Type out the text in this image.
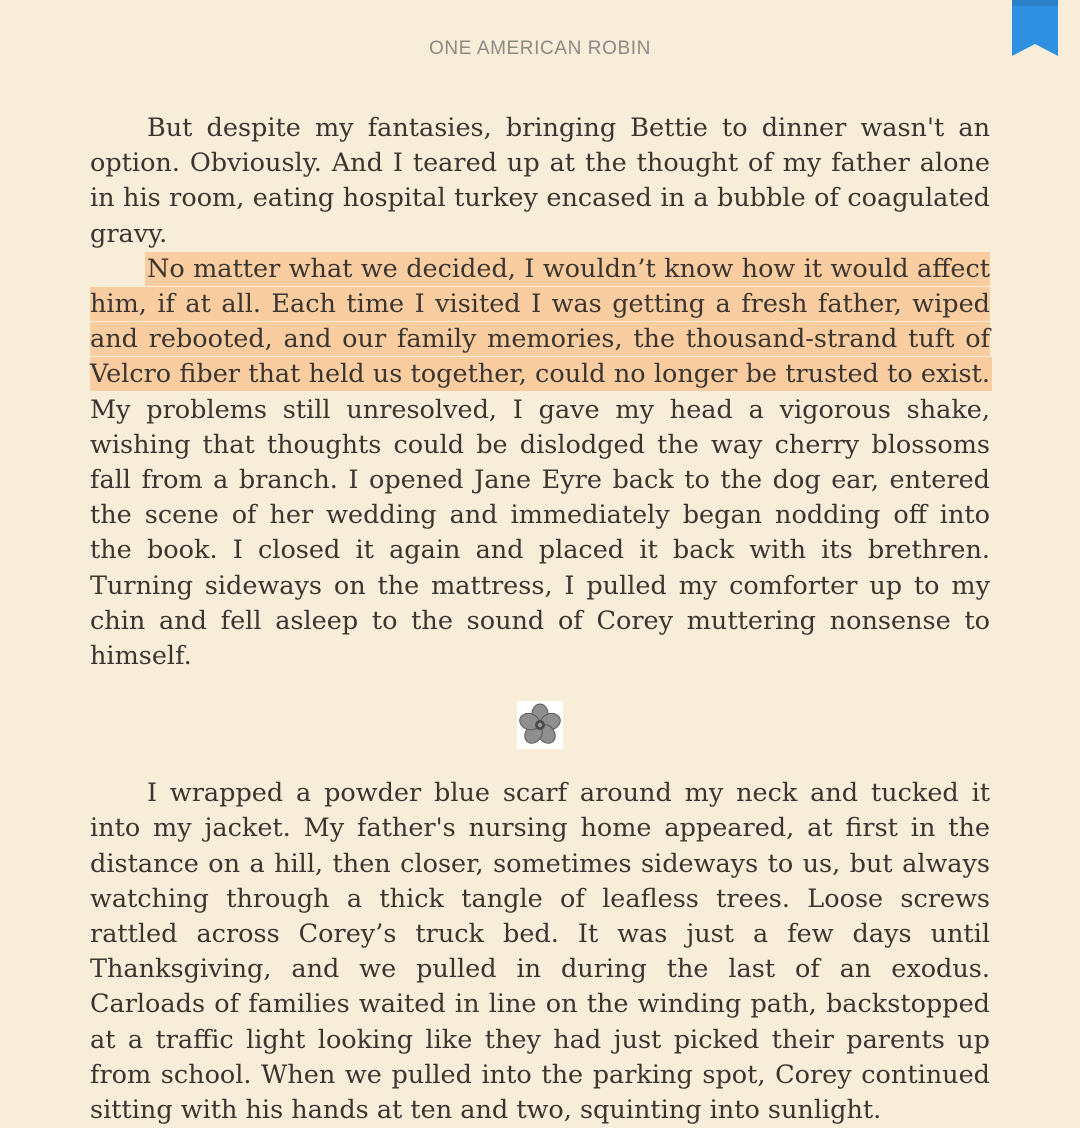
ONE AMERICAN ROBIN

But despite my fantasies, bringing Bettie to dinner wasn't an option. Obviously. And I teared up at the thought of my father alone in his room, eating hospital turkey encased in a bubble of coagulated gravy.

No matter what we decided, I wouldn’t know how it would affect him, if at all. Each time I visited I was getting a fresh father, wiped and rebooted, and our family memories, the thousand-strand tuft of Velcro fiber that held us together, could no longer be trusted to exist. My problems still unresolved, I gave my head a vigorous shake, wishing that thoughts could be dislodged the way cherry blossoms fall from a branch. I opened Jane Eyre back to the dog ear, entered the scene of her wedding and immediately began nodding off into the book. I closed it again and placed it back with its brethren. Turning sideways on the mattress, I pulled my comforter up to my chin and fell asleep to the sound of Corey muttering nonsense to himself.

I wrapped a powder blue scarf around my neck and tucked it into my jacket. My father's nursing home appeared, at first in the distance on a hill, then closer, sometimes sideways to us, but always watching through a thick tangle of leafless trees. Loose screws rattled across Corey’s truck bed. It was just a few days until Thanksgiving, and we pulled in during the last of an exodus. Carloads of families waited in line on the winding path, backstopped at a traffic light looking like they had just picked their parents up from school. When we pulled into the parking spot, Corey continued sitting with his hands at ten and two, squinting into sunlight.
